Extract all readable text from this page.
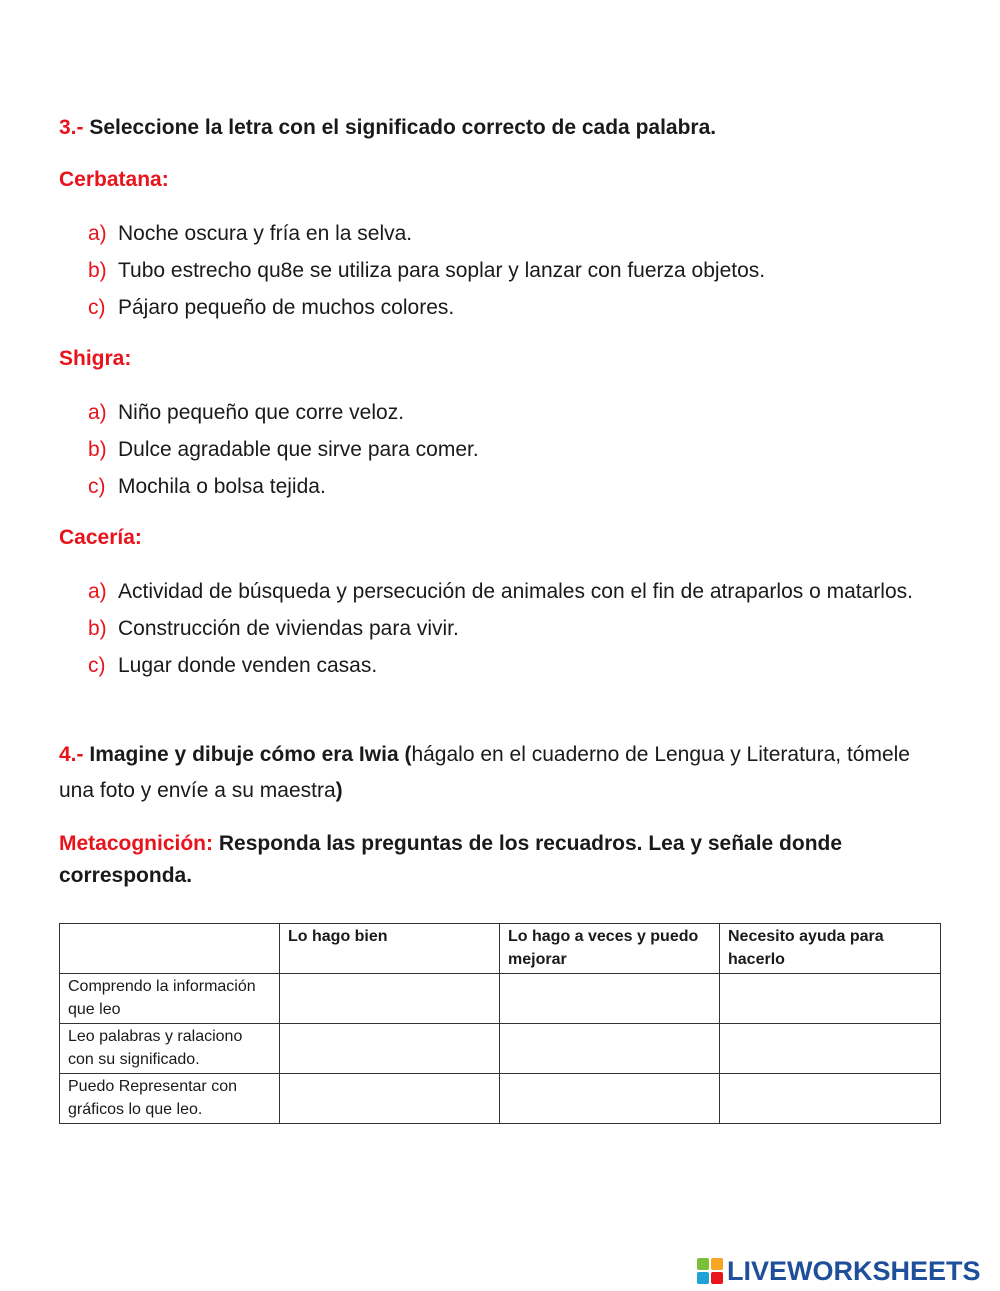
3.- Seleccione la letra con el significado correcto de cada palabra.
Cerbatana:
a) Noche oscura y fría en la selva.
b) Tubo estrecho qu8e se utiliza para soplar y lanzar con fuerza objetos.
c) Pájaro pequeño de muchos colores.
Shigra:
a) Niño pequeño que corre veloz.
b) Dulce agradable que sirve para comer.
c) Mochila o bolsa tejida.
Cacería:
a) Actividad de búsqueda y persecución de animales con el fin de atraparlos o matarlos.
b) Construcción de viviendas para vivir.
c) Lugar donde venden casas.
4.- Imagine y dibuje cómo era Iwia (hágalo en el cuaderno de Lengua y Literatura, tómele una foto y envíe a su maestra)
Metacognición: Responda las preguntas de los recuadros. Lea y señale donde corresponda.
	Lo hago bien	Lo hago a veces y puedo mejorar	Necesito ayuda para hacerlo
Comprendo la información que leo			
Leo palabras y ralaciono con su significado.			
Puedo Representar con gráficos lo que leo.			
LIVEWORKSHEETS
